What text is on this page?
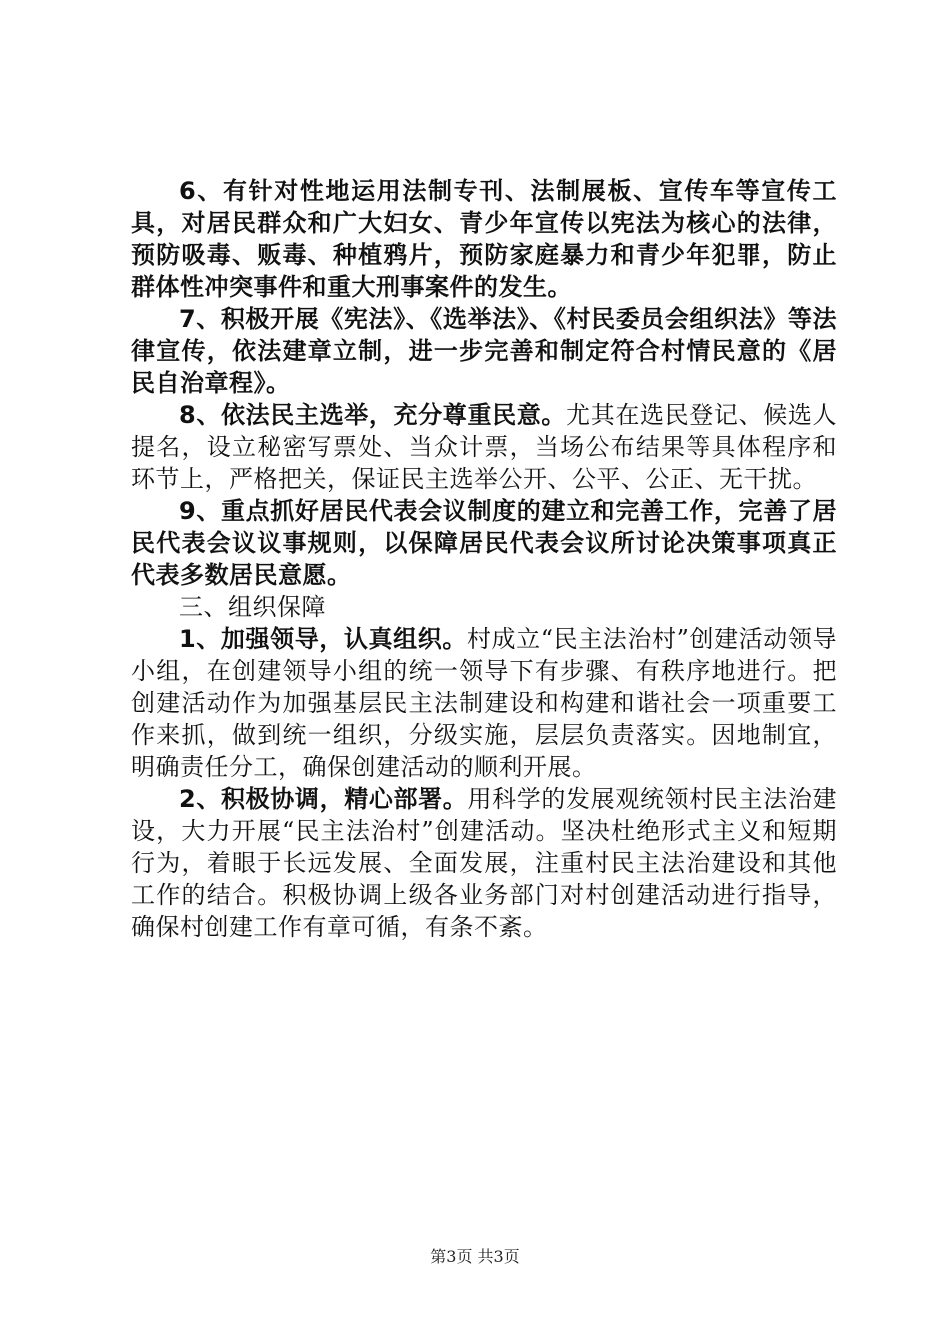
6、有针对性地运用法制专刊、法制展板、宣传车等宣传工具，对居民群众和广大妇女、青少年宣传以宪法为核心的法律，预防吸毒、贩毒、种植鸦片，预防家庭暴力和青少年犯罪，防止群体性冲突事件和重大刑事案件的发生。

7、积极开展《宪法》、《选举法》、《村民委员会组织法》等法律宣传，依法建章立制，进一步完善和制定符合村情民意的《居民自治章程》。

8、依法民主选举，充分尊重民意。尤其在选民登记、候选人提名，设立秘密写票处、当众计票，当场公布结果等具体程序和环节上，严格把关，保证民主选举公开、公平、公正、无干扰。

9、重点抓好居民代表会议制度的建立和完善工作，完善了居民代表会议议事规则，以保障居民代表会议所讨论决策事项真正代表多数居民意愿。

三、组织保障

1、加强领导，认真组织。村成立“民主法治村”创建活动领导小组，在创建领导小组的统一领导下有步骤、有秩序地进行。把创建活动作为加强基层民主法制建设和构建和谐社会一项重要工作来抓，做到统一组织，分级实施，层层负责落实。因地制宜，明确责任分工，确保创建活动的顺利开展。

2、积极协调，精心部署。用科学的发展观统领村民主法治建设，大力开展“民主法治村”创建活动。坚决杜绝形式主义和短期行为，着眼于长远发展、全面发展，注重村民主法治建设和其他工作的结合。积极协调上级各业务部门对村创建活动进行指导，确保村创建工作有章可循，有条不紊。

第3页 共3页
